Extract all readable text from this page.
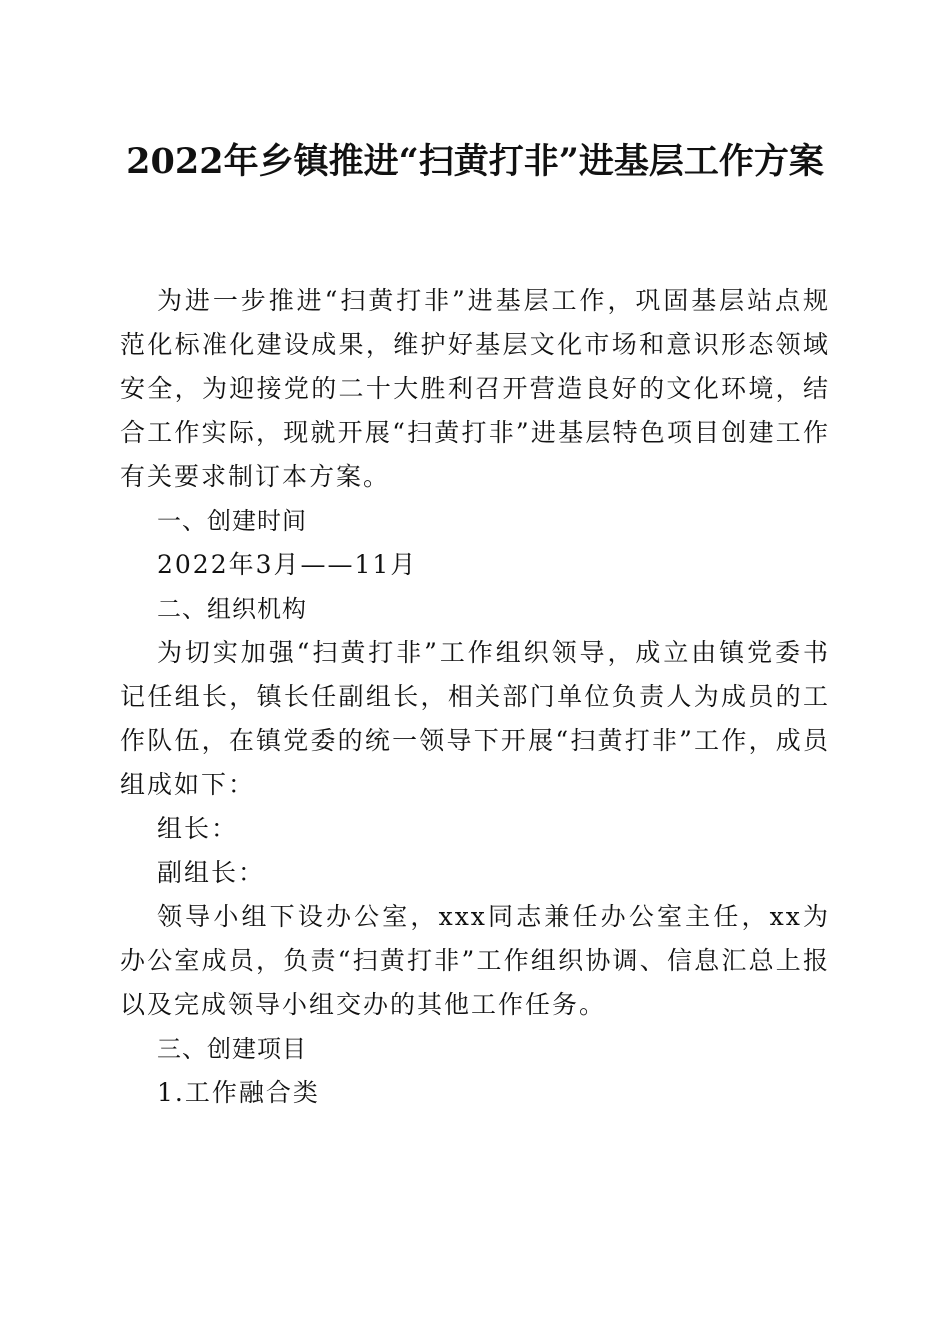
2022年乡镇推进“扫黄打非”进基层工作方案

为进一步推进“扫黄打非”进基层工作，巩固基层站点规范化标准化建设成果，维护好基层文化市场和意识形态领域安全，为迎接党的二十大胜利召开营造良好的文化环境，结合工作实际，现就开展“扫黄打非”进基层特色项目创建工作有关要求制订本方案。

一、创建时间

2022年3月——11月

二、组织机构

为切实加强“扫黄打非”工作组织领导，成立由镇党委书记任组长，镇长任副组长，相关部门单位负责人为成员的工作队伍，在镇党委的统一领导下开展“扫黄打非”工作，成员组成如下：

组长：

副组长：

领导小组下设办公室，xxx同志兼任办公室主任，xx为办公室成员，负责“扫黄打非”工作组织协调、信息汇总上报以及完成领导小组交办的其他工作任务。

三、创建项目

1.工作融合类
